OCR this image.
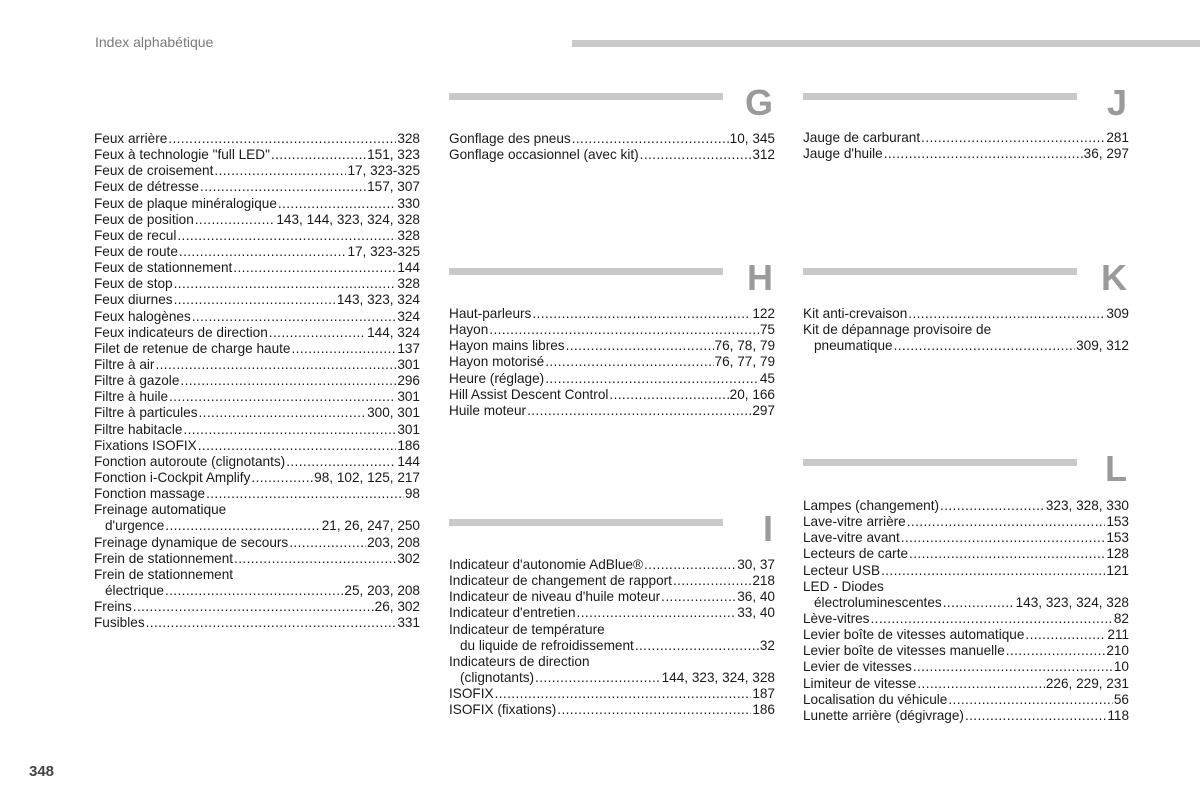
Index alphabétique
Feux arrière .....	328
Feux à technologie "full LED" .....	151, 323
Feux de croisement .....	17, 323-325
Feux de détresse .....	157, 307
Feux de plaque minéralogique .....	330
Feux de position .....	143, 144, 323, 324, 328
Feux de recul .....	328
Feux de route .....	17, 323-325
Feux de stationnement .....	144
Feux de stop .....	328
Feux diurnes .....	143, 323, 324
Feux halogènes .....	324
Feux indicateurs de direction .....	144, 324
Filet de retenue de charge haute .....	137
Filtre à air .....	301
Filtre à gazole .....	296
Filtre à huile .....	301
Filtre à particules .....	300, 301
Filtre habitacle .....	301
Fixations ISOFIX .....	186
Fonction autoroute (clignotants) .....	144
Fonction i-Cockpit Amplify .....	98, 102, 125, 217
Fonction massage .....	98
Freinage automatique
d'urgence .....	21, 26, 247, 250
Freinage dynamique de secours .....	203, 208
Frein de stationnement .....	302
Frein de stationnement
électrique .....	25, 203, 208
Freins .....	26, 302
Fusibles .....	331
G
Gonflage des pneus .....	10, 345
Gonflage occasionnel (avec kit) .....	312
H
Haut-parleurs .....	122
Hayon .....	75
Hayon mains libres .....	76, 78, 79
Hayon motorisé .....	76, 77, 79
Heure (réglage) .....	45
Hill Assist Descent Control .....	20, 166
Huile moteur .....	297
I
Indicateur d'autonomie AdBlue® .....	30, 37
Indicateur de changement de rapport .....	218
Indicateur de niveau d'huile moteur .....	36, 40
Indicateur d'entretien .....	33, 40
Indicateur de température
du liquide de refroidissement .....	32
Indicateurs de direction
(clignotants) .....	144, 323, 324, 328
ISOFIX .....	187
ISOFIX (fixations) .....	186
J
Jauge de carburant .....	281
Jauge d'huile .....	36, 297
K
Kit anti-crevaison .....	309
Kit de dépannage provisoire de
pneumatique .....	309, 312
L
Lampes (changement) .....	323, 328, 330
Lave-vitre arrière .....	153
Lave-vitre avant .....	153
Lecteurs de carte .....	128
Lecteur USB .....	121
LED - Diodes
électroluminescentes .....	143, 323, 324, 328
Lève-vitres .....	82
Levier boîte de vitesses automatique .....	211
Levier boîte de vitesses manuelle .....	210
Levier de vitesses .....	10
Limiteur de vitesse .....	226, 229, 231
Localisation du véhicule .....	56
Lunette arrière (dégivrage) .....	118
348
